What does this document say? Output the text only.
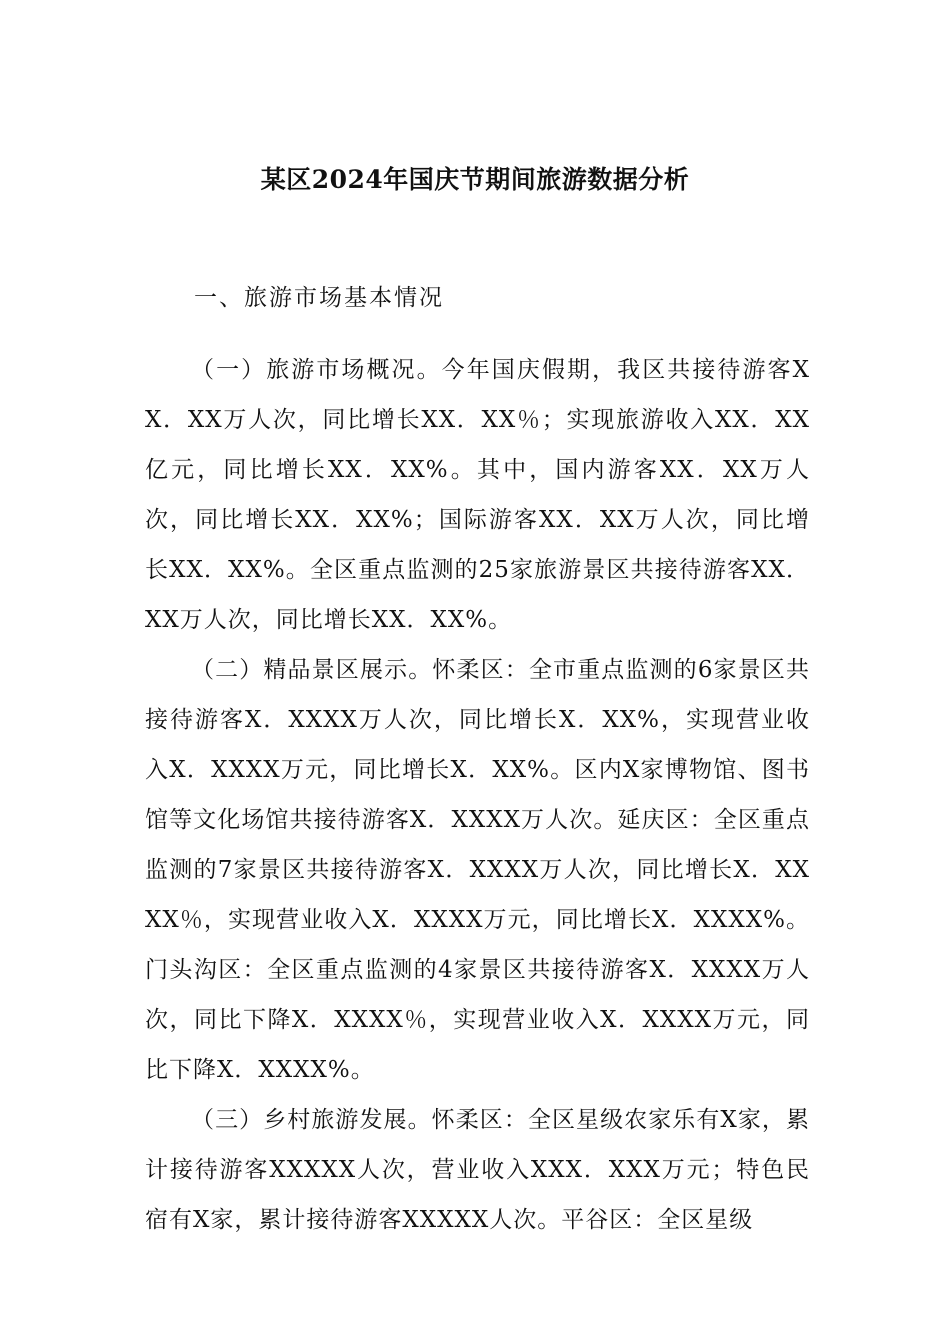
某区2024年国庆节期间旅游数据分析
一、旅游市场基本情况

（一）旅游市场概况。今年国庆假期，我区共接待游客XX．XX万人次，同比增长XX．XX％；实现旅游收入XX．XX亿元，同比增长XX．XX%。其中，国内游客XX．XX万人次，同比增长XX．XX%；国际游客XX．XX万人次，同比增长XX．XX%。全区重点监测的25家旅游景区共接待游客XX．XX万人次，同比增长XX．XX%。

（二）精品景区展示。怀柔区：全市重点监测的6家景区共接待游客X．XXXX万人次，同比增长X．XX%，实现营业收入X．XXXX万元，同比增长X．XX%。区内X家博物馆、图书馆等文化场馆共接待游客X．XXXX万人次。延庆区：全区重点监测的7家景区共接待游客X．XXXX万人次，同比增长X．XXXX％，实现营业收入X．XXXX万元，同比增长X．XXXX%。门头沟区：全区重点监测的4家景区共接待游客X．XXXX万人次，同比下降X．XXXX％，实现营业收入X．XXXX万元，同比下降X．XXXX%。

（三）乡村旅游发展。怀柔区：全区星级农家乐有X家，累计接待游客XXXXX人次，营业收入XXX．XXX万元；特色民宿有X家，累计接待游客XXXXX人次。平谷区：全区星级
